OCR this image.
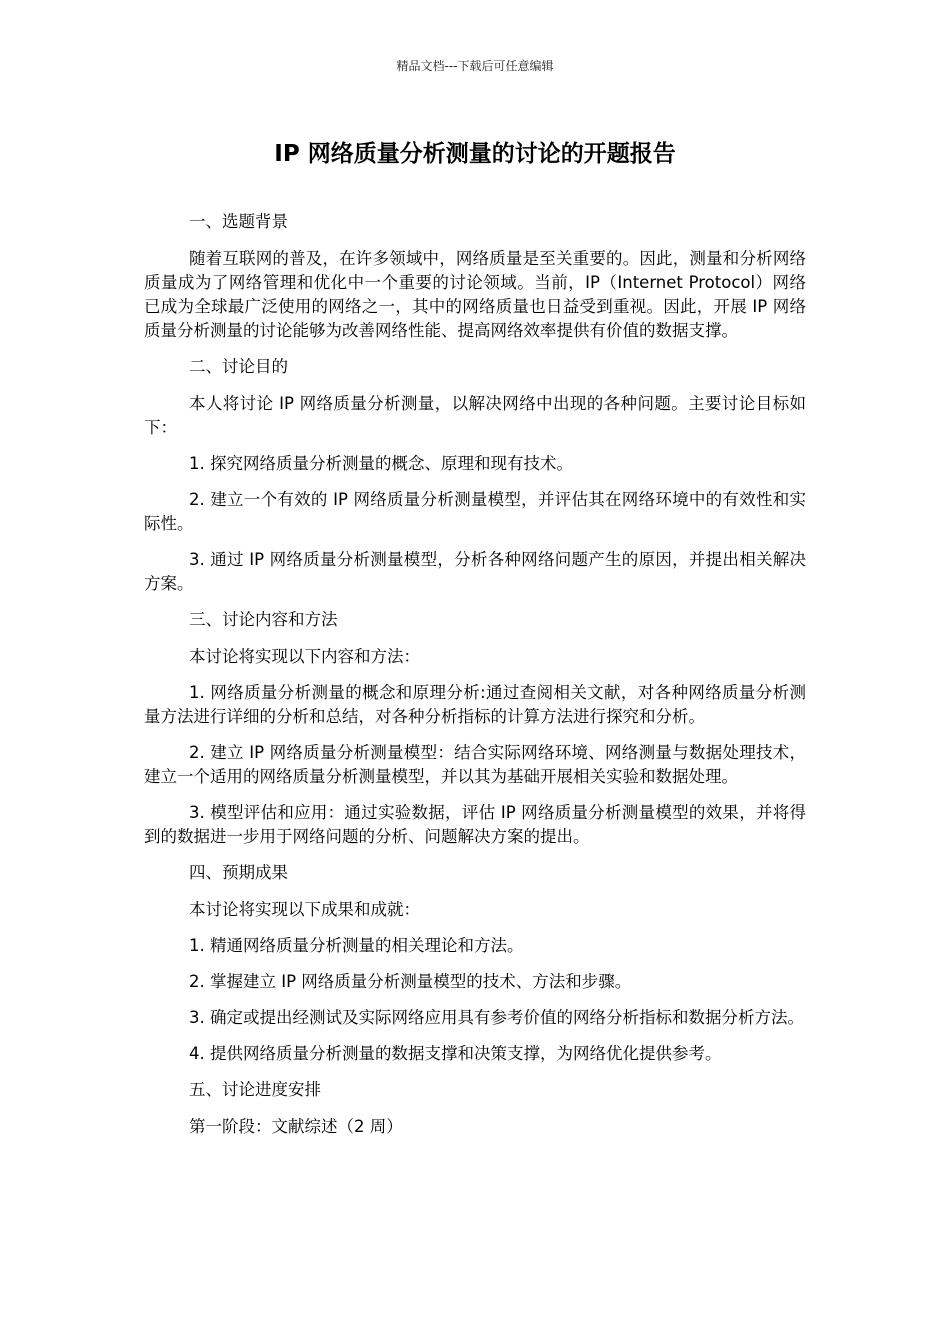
精品文档---下载后可任意编辑
IP 网络质量分析测量的讨论的开题报告

一、选题背景

随着互联网的普及，在许多领域中，网络质量是至关重要的。因此，测量和分析网络质量成为了网络管理和优化中一个重要的讨论领域。当前，IP（Internet Protocol）网络已成为全球最广泛使用的网络之一，其中的网络质量也日益受到重视。因此，开展 IP 网络质量分析测量的讨论能够为改善网络性能、提高网络效率提供有价值的数据支撑。

二、讨论目的

本人将讨论 IP 网络质量分析测量，以解决网络中出现的各种问题。主要讨论目标如下：

1. 探究网络质量分析测量的概念、原理和现有技术。

2. 建立一个有效的 IP 网络质量分析测量模型，并评估其在网络环境中的有效性和实际性。

3. 通过 IP 网络质量分析测量模型，分析各种网络问题产生的原因，并提出相关解决方案。

三、讨论内容和方法

本讨论将实现以下内容和方法：

1. 网络质量分析测量的概念和原理分析:通过查阅相关文献，对各种网络质量分析测量方法进行详细的分析和总结，对各种分析指标的计算方法进行探究和分析。

2. 建立 IP 网络质量分析测量模型：结合实际网络环境、网络测量与数据处理技术，建立一个适用的网络质量分析测量模型，并以其为基础开展相关实验和数据处理。

3. 模型评估和应用：通过实验数据，评估 IP 网络质量分析测量模型的效果，并将得到的数据进一步用于网络问题的分析、问题解决方案的提出。

四、预期成果

本讨论将实现以下成果和成就：

1. 精通网络质量分析测量的相关理论和方法。

2. 掌握建立 IP 网络质量分析测量模型的技术、方法和步骤。

3. 确定或提出经测试及实际网络应用具有参考价值的网络分析指标和数据分析方法。

4. 提供网络质量分析测量的数据支撑和决策支撑，为网络优化提供参考。

五、讨论进度安排

第一阶段：文献综述（2 周）
